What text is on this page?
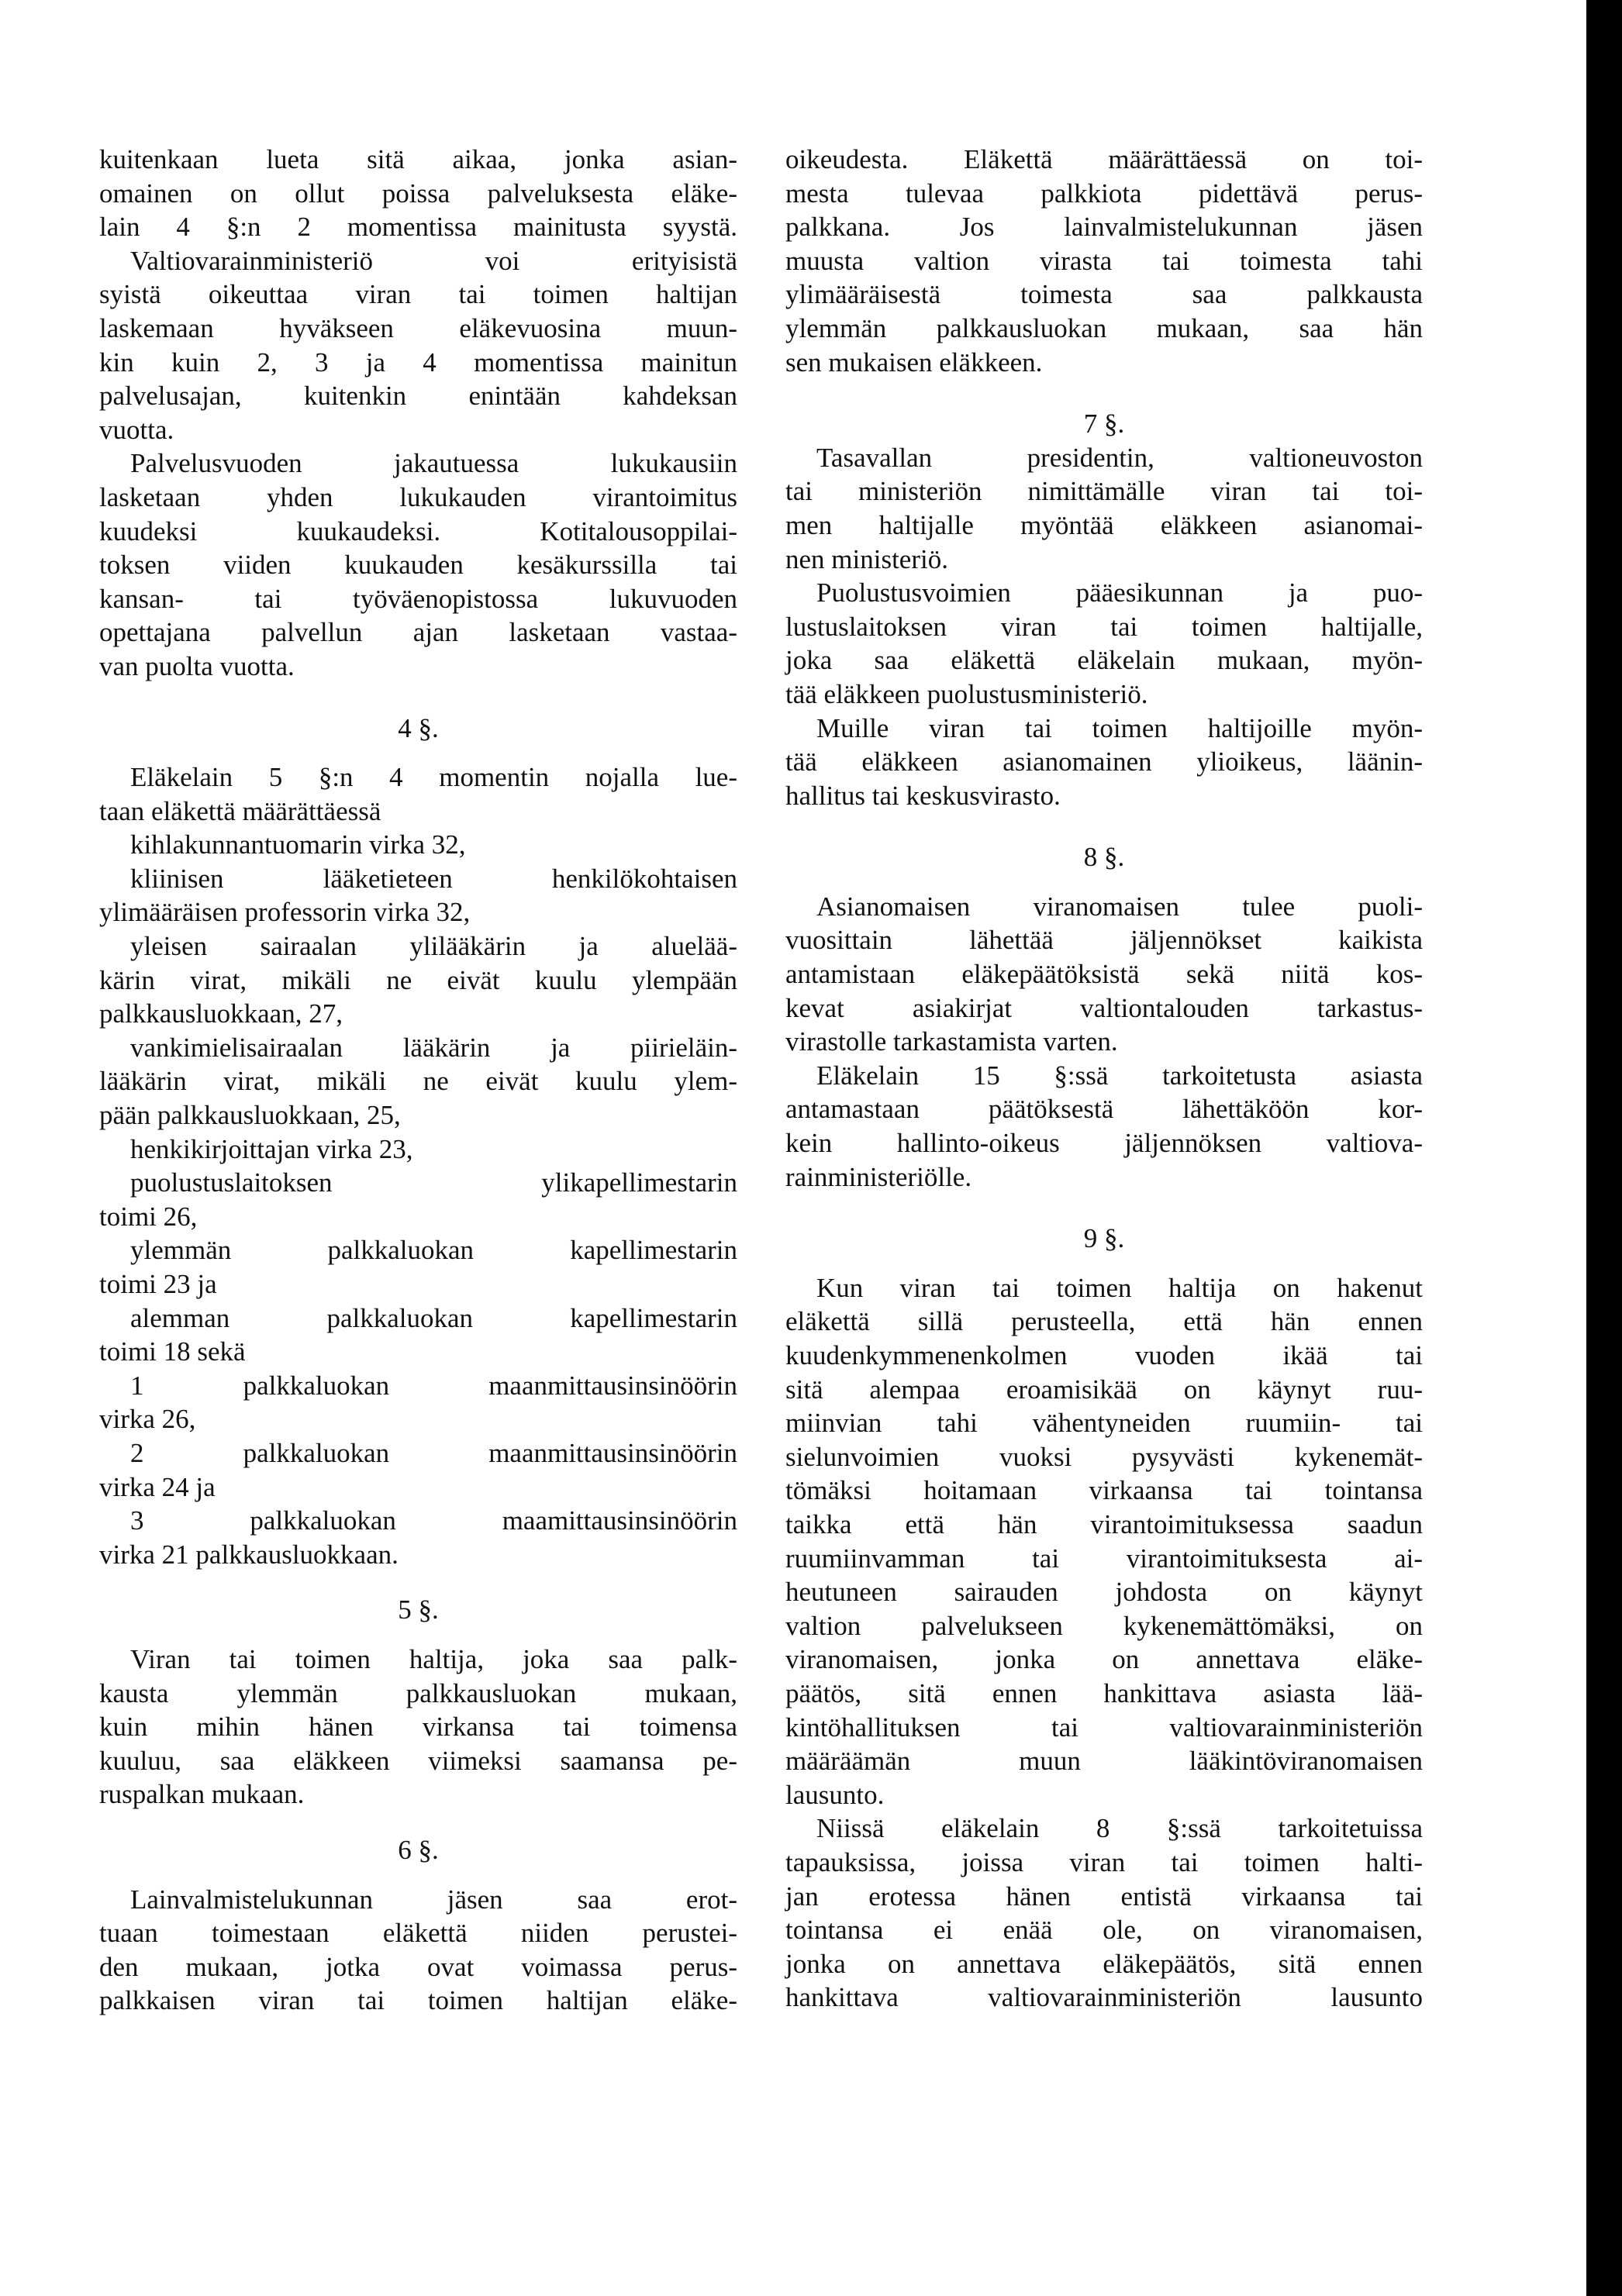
kuitenkaan lueta sitä aikaa, jonka asian-
omainen on ollut poissa palveluksesta eläke-
lain 4 §:n 2 momentissa mainitusta syystä.
Valtiovarainministeriö voi erityisistä
syistä oikeuttaa viran tai toimen haltijan
laskemaan hyväkseen eläkevuosina muun-
kin kuin 2, 3 ja 4 momentissa mainitun
palvelusajan, kuitenkin enintään kahdeksan
vuotta.
Palvelusvuoden jakautuessa lukukausiin
lasketaan yhden lukukauden virantoimitus
kuudeksi kuukaudeksi. Kotitalousoppilai-
toksen viiden kuukauden kesäkurssilla tai
kansan- tai työväenopistossa lukuvuoden
opettajana palvellun ajan lasketaan vastaa-
van puolta vuotta.
4 §.
Eläkelain 5 §:n 4 momentin nojalla luе-
taan eläkettä määrättäessä
kihlakunnantuomarin virka 32,
kliinisen lääketieteen henkilökohtaisen
ylimääräisen professorin virka 32,
yleisen sairaalan ylilääkärin ja aluelää-
kärin virat, mikäli ne eivät kuulu ylempään
palkkausluokkaan, 27,
vankimielisairaalan lääkärin ja piirieläin-
lääkärin virat, mikäli ne eivät kuulu ylem-
pään palkkausluokkaan, 25,
henkikirjoittajan virka 23,
puolustuslaitoksen ylikapellimestarin
toimi 26,
ylemmän palkkaluokan kapellimestarin
toimi 23 ja
alemman palkkaluokan kapellimestarin
toimi 18 sekä
1 palkkaluokan maanmittausinsinöörin
virka 26,
2 palkkaluokan maanmittausinsinöörin
virka 24 ja
3 palkkaluokan maamittausinsinöörin
virka 21 palkkausluokkaan.
5 §.
Viran tai toimen haltija, joka saa palk-
kausta ylemmän palkkausluokan mukaan,
kuin mihin hänen virkansa tai toimensa
kuuluu, saa eläkkeen viimeksi saamansa pe-
ruspalkan mukaan.
6 §.
Lainvalmistelukunnan jäsen saa erot-
tuaan toimestaan eläkettä niiden perustei-
den mukaan, jotka ovat voimassa perus-
palkkaisen viran tai toimen haltijan eläke-
oikeudesta. Eläkettä määrättäessä on toi-
mesta tulevaa palkkiota pidettävä perus-
palkkana. Jos lainvalmistelukunnan jäsen
muusta valtion virasta tai toimesta tahi
ylimääräisestä toimesta saa palkkausta
ylemmän palkkausluokan mukaan, saa hän
sen mukaisen eläkkeen.
7 §.
Tasavallan presidentin, valtioneuvoston
tai ministeriön nimittämälle viran tai toi-
men haltijalle myöntää eläkkeen asianomai-
nen ministeriö.
Puolustusvoimien pääesikunnan ja puo-
lustuslaitoksen viran tai toimen haltijalle,
joka saa eläkettä eläkelain mukaan, myön-
tää eläkkeen puolustusministeriö.
Muille viran tai toimen haltijoille myön-
tää eläkkeen asianomainen ylioikeus, läänin-
hallitus tai keskusvirasto.
8 §.
Asianomaisen viranomaisen tulee puoli-
vuosittain lähettää jäljennökset kaikista
antamistaan eläkepäätöksistä sekä niitä kos-
kevat asiakirjat valtiontalouden tarkastus-
virastolle tarkastamista varten.
Eläkelain 15 §:ssä tarkoitetusta asiasta
antamastaan päätöksestä lähettäköön kor-
kein hallinto-oikeus jäljennöksen valtiova-
rainministeriölle.
9 §.
Kun viran tai toimen haltija on hakenut
eläkettä sillä perusteella, että hän ennen
kuudenkymmenenkolmen vuoden ikää tai
sitä alempaa eroamisikää on käynyt ruu-
miinvian tahi vähentyneiden ruumiin- tai
sielunvoimien vuoksi pysyvästi kykenemät-
tömäksi hoitamaan virkaansa tai tointansa
taikka että hän virantoimituksessa saadun
ruumiinvamman tai virantoimituksesta ai-
heutuneen sairauden johdosta on käynyt
valtion palvelukseen kykenemättömäksi, on
viranomaisen, jonka on annettava eläke-
päätös, sitä ennen hankittava asiasta lää-
kintöhallituksen tai valtiovarainministeriön
määräämän muun lääkintöviranomaisen
lausunto.
Niissä eläkelain 8 §:ssä tarkoitetuissa
tapauksissa, joissa viran tai toimen halti-
jan erotessa hänen entistä virkaansa tai
tointansa ei enää ole, on viranomaisen,
jonka on annettava eläkepäätös, sitä ennen
hankittava valtiovarainministeriön lausunto
